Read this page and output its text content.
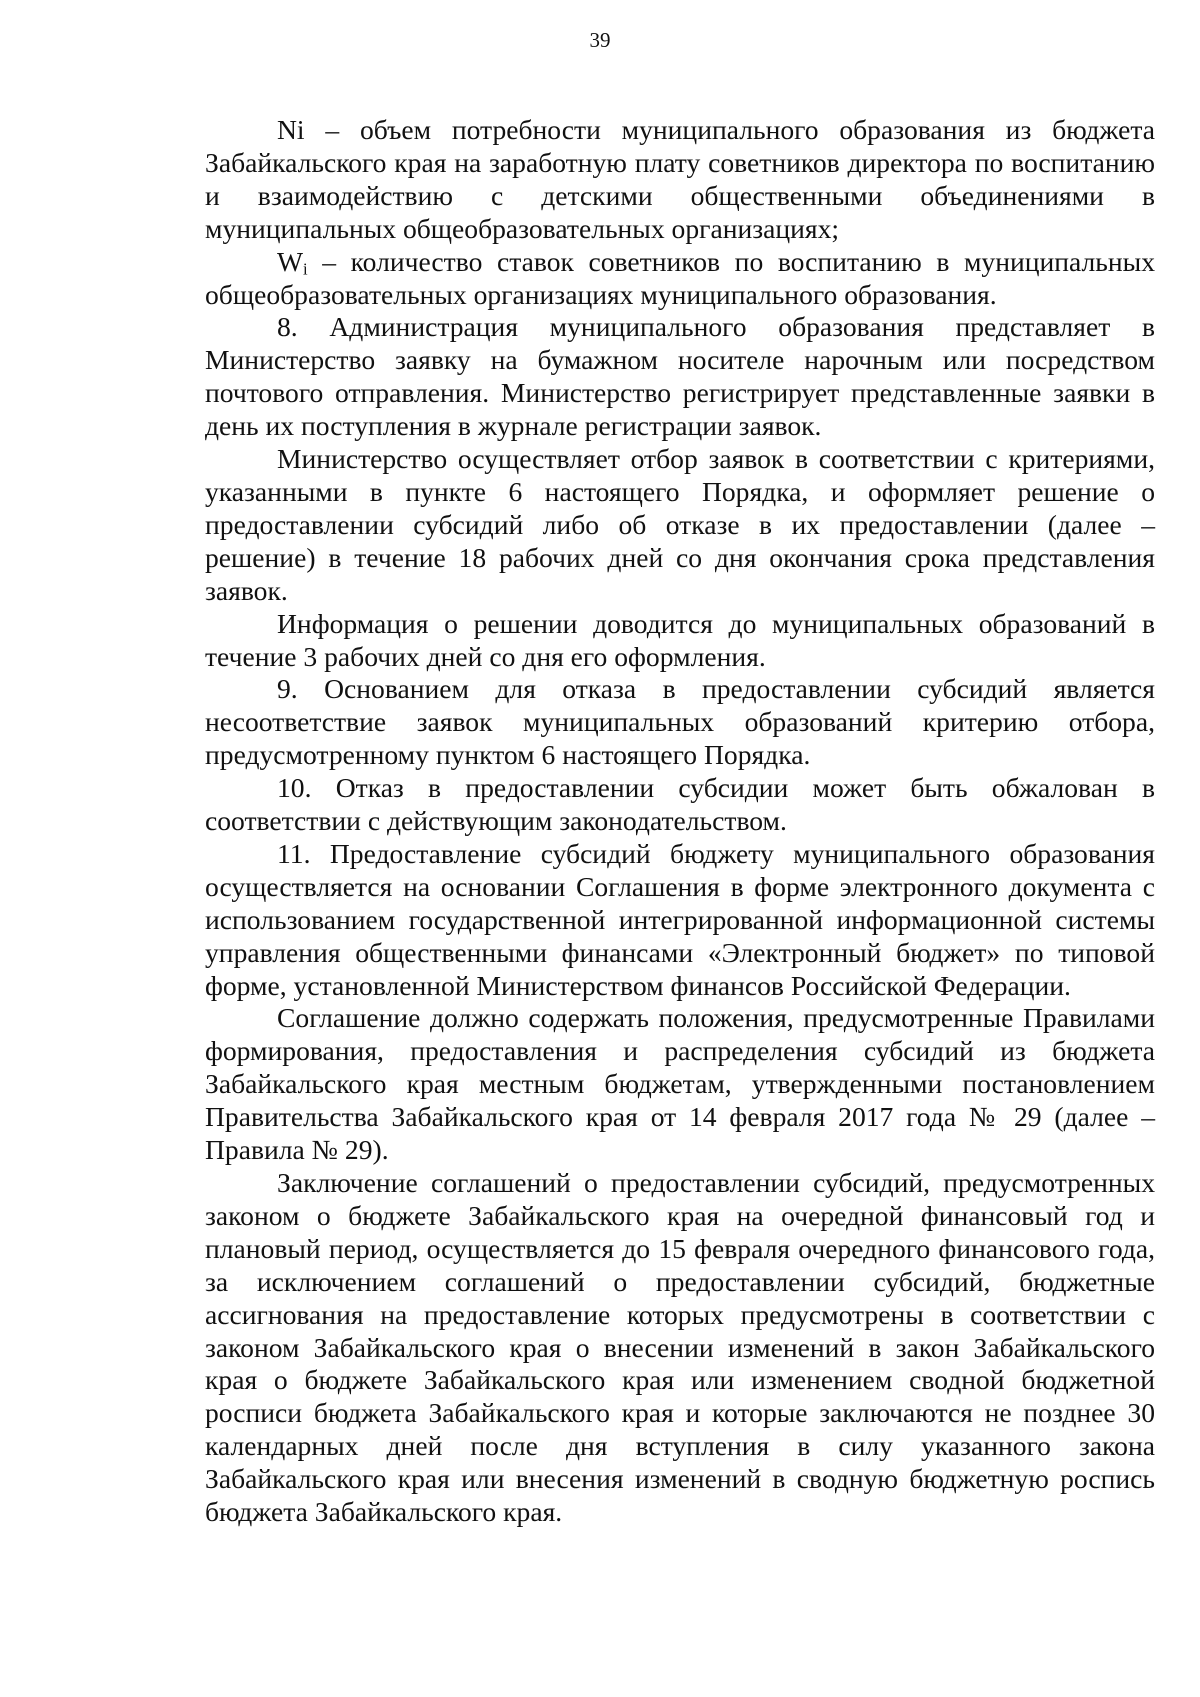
39

Ni – объем потребности муниципального образования из бюджета Забайкальского края на заработную плату советников директора по воспитанию и взаимодействию с детскими общественными объединениями в муниципальных общеобразовательных организациях;

$W_i$ – количество ставок советников по воспитанию в муниципальных общеобразовательных организациях муниципального образования.

8. Администрация муниципального образования представляет в Министерство заявку на бумажном носителе нарочным или посредством почтового отправления. Министерство регистрирует представленные заявки в день их поступления в журнале регистрации заявок.

Министерство осуществляет отбор заявок в соответствии с критериями, указанными в пункте 6 настоящего Порядка, и оформляет решение о предоставлении субсидий либо об отказе в их предоставлении (далее – решение) в течение 18 рабочих дней со дня окончания срока представления заявок.

Информация о решении доводится до муниципальных образований в течение 3 рабочих дней со дня его оформления.

9. Основанием для отказа в предоставлении субсидий является несоответствие заявок муниципальных образований критерию отбора, предусмотренному пунктом 6 настоящего Порядка.

10. Отказ в предоставлении субсидии может быть обжалован в соответствии с действующим законодательством.

11. Предоставление субсидий бюджету муниципального образования осуществляется на основании Соглашения в форме электронного документа с использованием государственной интегрированной информационной системы управления общественными финансами «Электронный бюджет» по типовой форме, установленной Министерством финансов Российской Федерации.

Соглашение должно содержать положения, предусмотренные Правилами формирования, предоставления и распределения субсидий из бюджета Забайкальского края местным бюджетам, утвержденными постановлением Правительства Забайкальского края от 14 февраля 2017 года № 29 (далее – Правила № 29).

Заключение соглашений о предоставлении субсидий, предусмотренных законом о бюджете Забайкальского края на очередной финансовый год и плановый период, осуществляется до 15 февраля очередного финансового года, за исключением соглашений о предоставлении субсидий, бюджетные ассигнования на предоставление которых предусмотрены в соответствии с законом Забайкальского края о внесении изменений в закон Забайкальского края о бюджете Забайкальского края или изменением сводной бюджетной росписи бюджета Забайкальского края и которые заключаются не позднее 30 календарных дней после дня вступления в силу указанного закона Забайкальского края или внесения изменений в сводную бюджетную роспись бюджета Забайкальского края.
